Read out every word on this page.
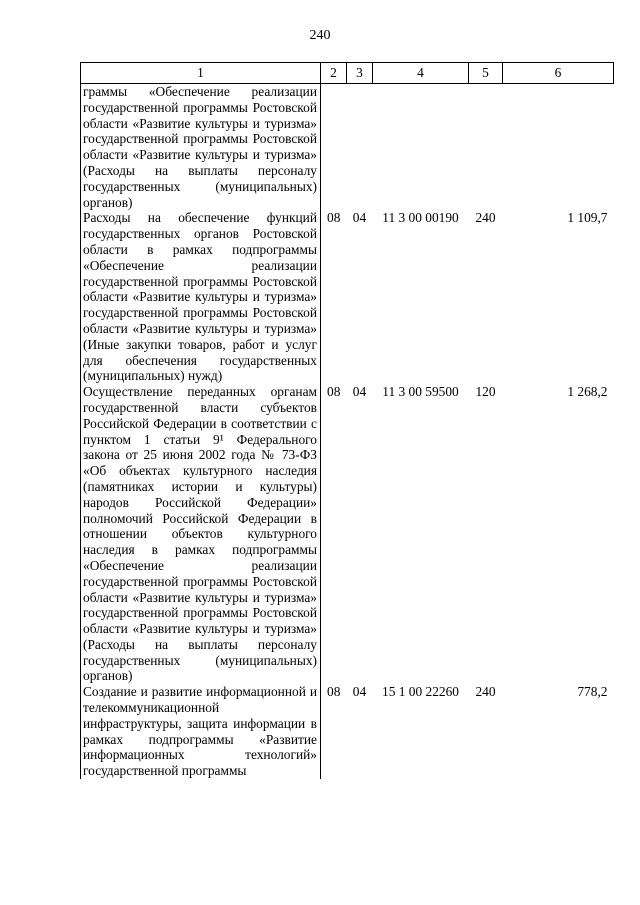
240
1	2	3	4	5	6
граммы «Обеспечение реализации государственной программы Ростовской области «Развитие культуры и туризма» государственной программы Ростовской области «Развитие культуры и туризма» (Расходы на выплаты персоналу государственных (муниципальных) органов)					
Расходы на обеспечение функций государственных органов Ростовской области в рамках подпрограммы «Обеспечение реализации государственной программы Ростовской области «Развитие культуры и туризма» государственной программы Ростовской области «Развитие культуры и туризма» (Иные закупки товаров, работ и услуг для обеспечения государственных (муниципальных) нужд)	08	04	11 3 00 00190	240	1 109,7
Осуществление переданных органам государственной власти субъектов Российской Федерации в соответствии с пунктом 1 статьи 9¹ Федерального закона от 25 июня 2002 года № 73-ФЗ «Об объектах культурного наследия (памятниках истории и культуры) народов Российской Федерации» полномочий Российской Федерации в отношении объектов культурного наследия в рамках подпрограммы «Обеспечение реализации государственной программы Ростовской области «Развитие культуры и туризма» государственной программы Ростовской области «Развитие культуры и туризма» (Расходы на выплаты персоналу государственных (муниципальных) органов)	08	04	11 3 00 59500	120	1 268,2
Создание и развитие информационной и телекоммуникационной инфраструктуры, защита информации в рамках подпрограммы «Развитие информационных технологий» государственной программы	08	04	15 1 00 22260	240	778,2
